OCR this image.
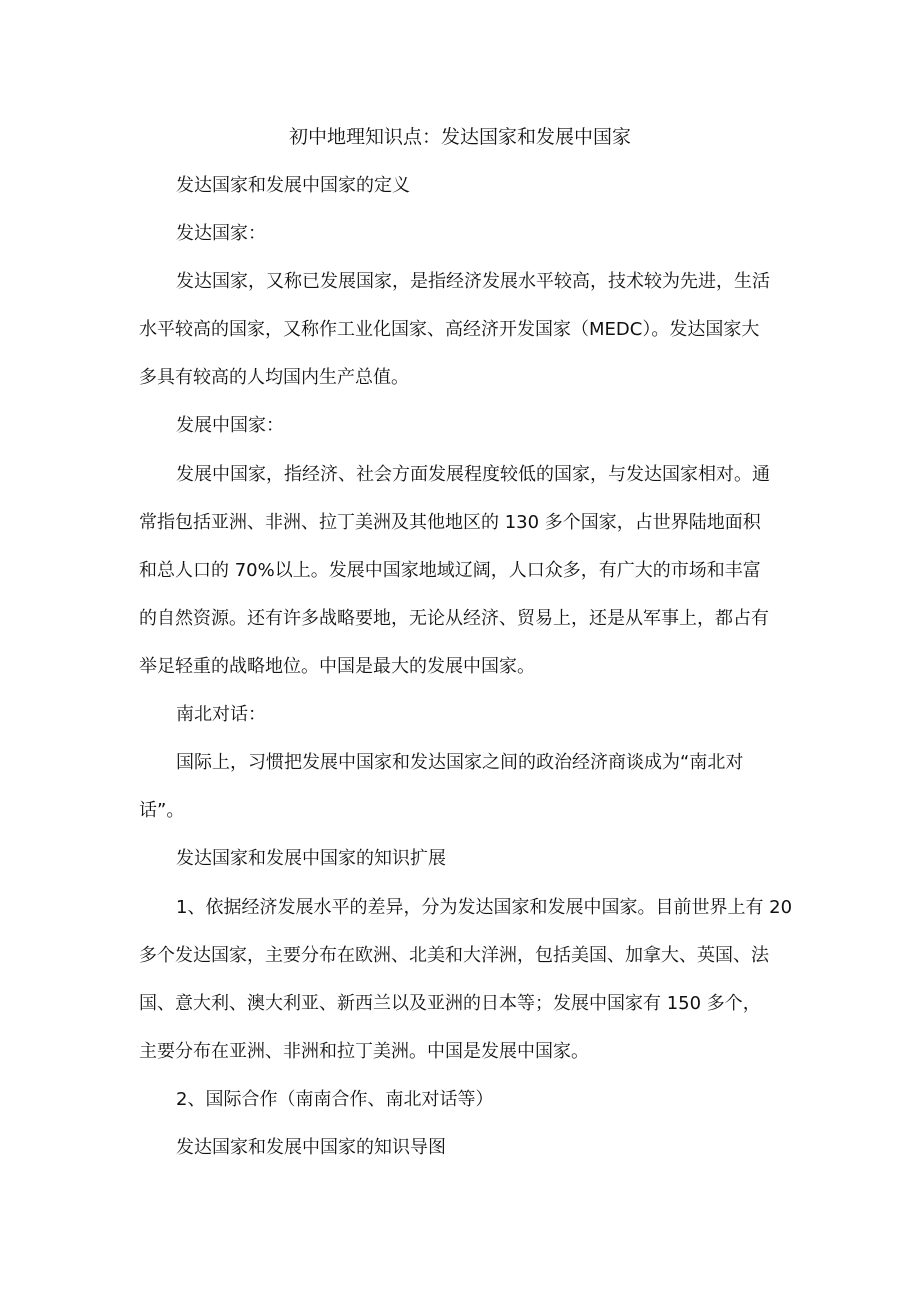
初中地理知识点：发达国家和发展中国家
发达国家和发展中国家的定义
发达国家：
发达国家，又称已发展国家，是指经济发展水平较高，技术较为先进，生活
水平较高的国家，又称作工业化国家、高经济开发国家（MEDC）。发达国家大
多具有较高的人均国内生产总值。
发展中国家：
发展中国家，指经济、社会方面发展程度较低的国家，与发达国家相对。通
常指包括亚洲、非洲、拉丁美洲及其他地区的 130 多个国家，占世界陆地面积
和总人口的 70%以上。发展中国家地域辽阔，人口众多，有广大的市场和丰富
的自然资源。还有许多战略要地，无论从经济、贸易上，还是从军事上，都占有
举足轻重的战略地位。中国是最大的发展中国家。
南北对话：
国际上，习惯把发展中国家和发达国家之间的政治经济商谈成为“南北对
话”。
发达国家和发展中国家的知识扩展
1、依据经济发展水平的差异，分为发达国家和发展中国家。目前世界上有 20
多个发达国家，主要分布在欧洲、北美和大洋洲，包括美国、加拿大、英国、法
国、意大利、澳大利亚、新西兰以及亚洲的日本等；发展中国家有 150 多个，
主要分布在亚洲、非洲和拉丁美洲。中国是发展中国家。
2、国际合作（南南合作、南北对话等）
发达国家和发展中国家的知识导图
